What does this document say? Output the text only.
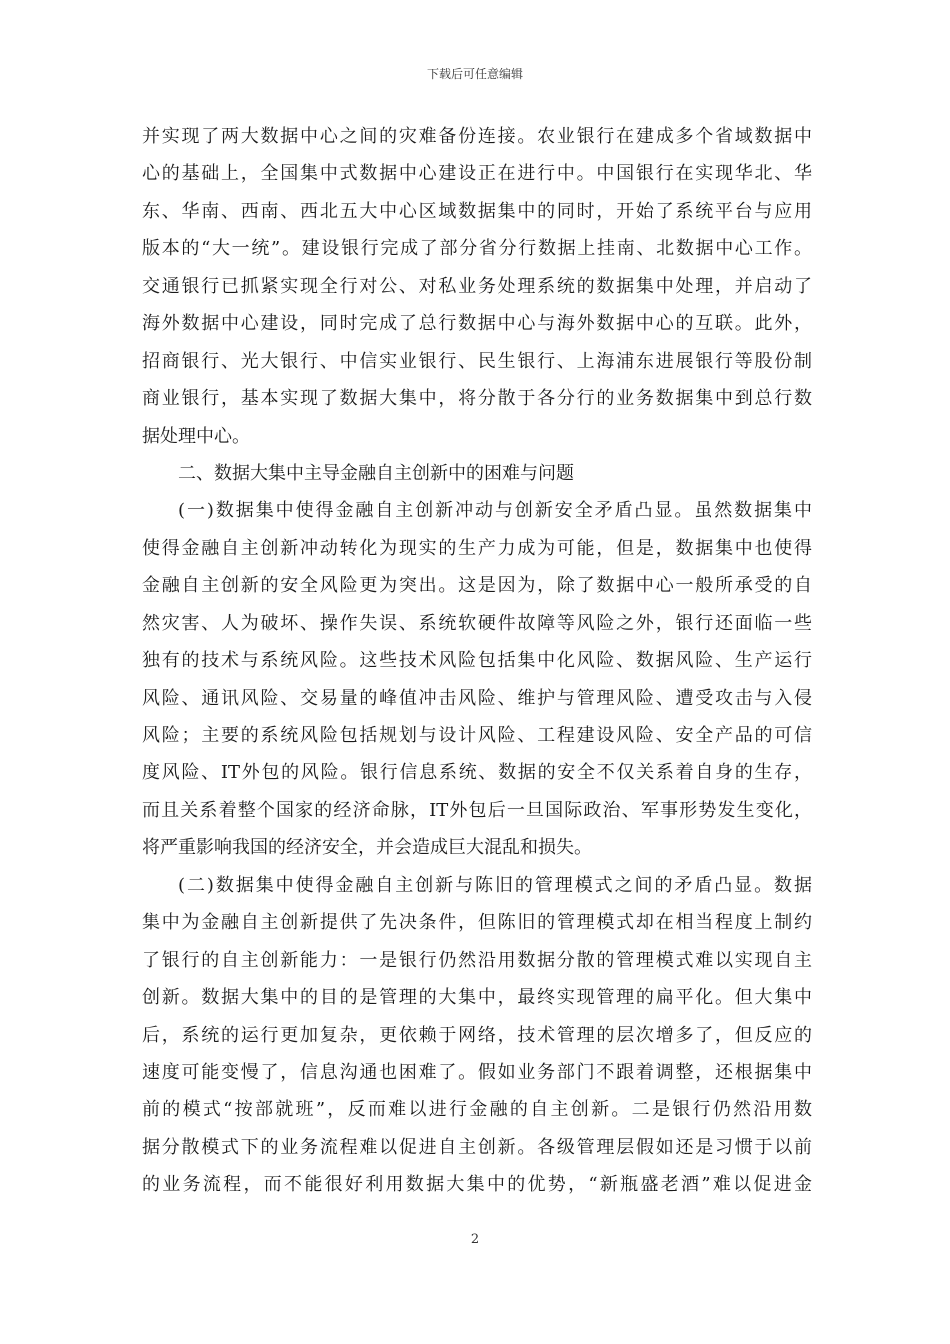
下载后可任意编辑
并实现了两大数据中心之间的灾难备份连接。农业银行在建成多个省域数据中
心的基础上，全国集中式数据中心建设正在进行中。中国银行在实现华北、华
东、华南、西南、西北五大中心区域数据集中的同时，开始了系统平台与应用
版本的“大一统”。建设银行完成了部分省分行数据上挂南、北数据中心工作。
交通银行已抓紧实现全行对公、对私业务处理系统的数据集中处理，并启动了
海外数据中心建设，同时完成了总行数据中心与海外数据中心的互联。此外，
招商银行、光大银行、中信实业银行、民生银行、上海浦东进展银行等股份制
商业银行，基本实现了数据大集中，将分散于各分行的业务数据集中到总行数
据处理中心。
二、数据大集中主导金融自主创新中的困难与问题
(一)数据集中使得金融自主创新冲动与创新安全矛盾凸显。虽然数据集中
使得金融自主创新冲动转化为现实的生产力成为可能，但是，数据集中也使得
金融自主创新的安全风险更为突出。这是因为，除了数据中心一般所承受的自
然灾害、人为破坏、操作失误、系统软硬件故障等风险之外，银行还面临一些
独有的技术与系统风险。这些技术风险包括集中化风险、数据风险、生产运行
风险、通讯风险、交易量的峰值冲击风险、维护与管理风险、遭受攻击与入侵
风险；主要的系统风险包括规划与设计风险、工程建设风险、安全产品的可信
度风险、IT外包的风险。银行信息系统、数据的安全不仅关系着自身的生存，
而且关系着整个国家的经济命脉，IT外包后一旦国际政治、军事形势发生变化，
将严重影响我国的经济安全，并会造成巨大混乱和损失。
(二)数据集中使得金融自主创新与陈旧的管理模式之间的矛盾凸显。数据
集中为金融自主创新提供了先决条件，但陈旧的管理模式却在相当程度上制约
了银行的自主创新能力：一是银行仍然沿用数据分散的管理模式难以实现自主
创新。数据大集中的目的是管理的大集中，最终实现管理的扁平化。但大集中
后，系统的运行更加复杂，更依赖于网络，技术管理的层次增多了，但反应的
速度可能变慢了，信息沟通也困难了。假如业务部门不跟着调整，还根据集中
前的模式“按部就班”，反而难以进行金融的自主创新。二是银行仍然沿用数
据分散模式下的业务流程难以促进自主创新。各级管理层假如还是习惯于以前
的业务流程，而不能很好利用数据大集中的优势，“新瓶盛老酒”难以促进金
2
